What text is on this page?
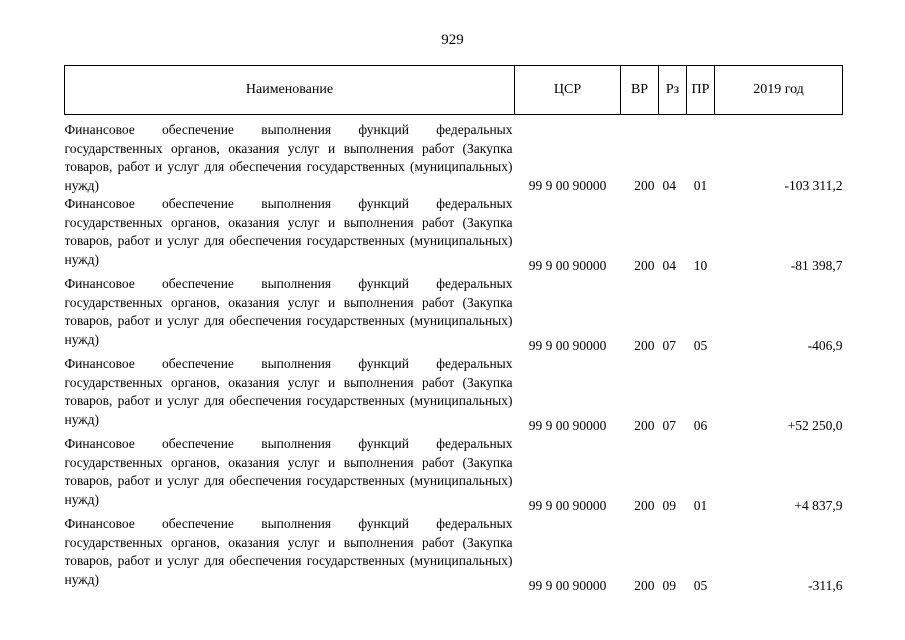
929
Наименование	ЦСР	ВР	Рз	ПР	2019 год

Финансовое обеспечение выполнения функций федеральных государственных органов, оказания услуг и выполнения работ (Закупка товаров, работ и услуг для обеспечения государственных (муниципальных) нужд)	99 9 00 90000	200	04	01	-103 311,2

Финансовое обеспечение выполнения функций федеральных государственных органов, оказания услуг и выполнения работ (Закупка товаров, работ и услуг для обеспечения государственных (муниципальных) нужд)	99 9 00 90000	200	04	10	-81 398,7

Финансовое обеспечение выполнения функций федеральных государственных органов, оказания услуг и выполнения работ (Закупка товаров, работ и услуг для обеспечения государственных (муниципальных) нужд)	99 9 00 90000	200	07	05	-406,9

Финансовое обеспечение выполнения функций федеральных государственных органов, оказания услуг и выполнения работ (Закупка товаров, работ и услуг для обеспечения государственных (муниципальных) нужд)	99 9 00 90000	200	07	06	+52 250,0

Финансовое обеспечение выполнения функций федеральных государственных органов, оказания услуг и выполнения работ (Закупка товаров, работ и услуг для обеспечения государственных (муниципальных) нужд)	99 9 00 90000	200	09	01	+4 837,9

Финансовое обеспечение выполнения функций федеральных государственных органов, оказания услуг и выполнения работ (Закупка товаров, работ и услуг для обеспечения государственных (муниципальных) нужд)	99 9 00 90000	200	09	05	-311,6
